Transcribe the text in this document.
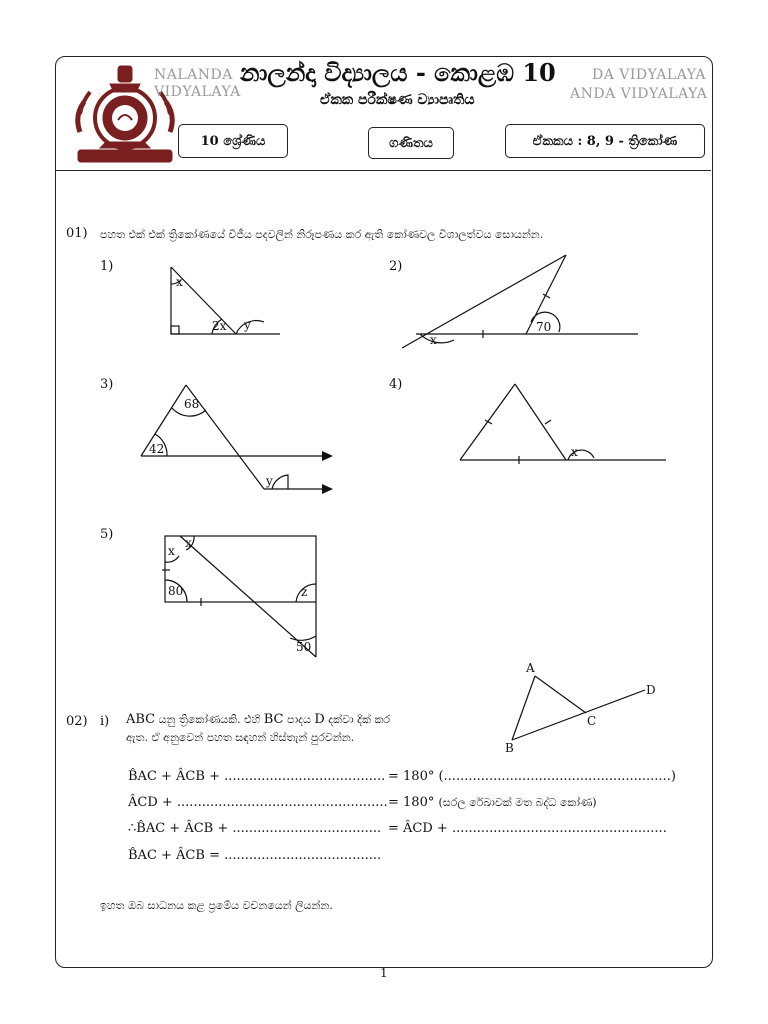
NALANDA
VIDYALAYA
DA VIDYALAYA
ANDA VIDYALAYA
නාලන්දා විද්‍යාලය - කොළඹ 10
ඒකක පරීක්ෂණ ව්‍යාපෘතිය
10 ශ්‍රේණිය	ගණිතය	ඒකකය : 8, 9 - ත්‍රිකෝණ
01) පහත එක් එක් ත්‍රිකෝණයේ විජීය පදවලින් නිරූපණය කර ඇති කෝණවල විශාලත්වය සොයන්න.
1)	2)
3)	4)
5)
x
2x y
x
70
68
42
y
x
x
x
80	z
50
A
B
C
D
02) i) ABC යනු ත්‍රිකෝණයකි. එහි BC පාදය D දක්වා දික් කර
ඇත. ඒ අනුවෙන් පහත සඳහන් හිස්තැන් පුරවන්න.
B̂AC + ÂCB + ....................................... = 180° (.......................................................)
ÂCD + ................................................... = 180° (සරල රේඛාවක් මත බද්ධ කෝණ)
∴B̂AC + ÂCB + .................................... = ÂCD + ....................................................
B̂AC + ÂCB = ......................................
ඉහත ඔබ සාධනය කළ ප්‍රමේය වචනයෙන් ලියන්න.
1
